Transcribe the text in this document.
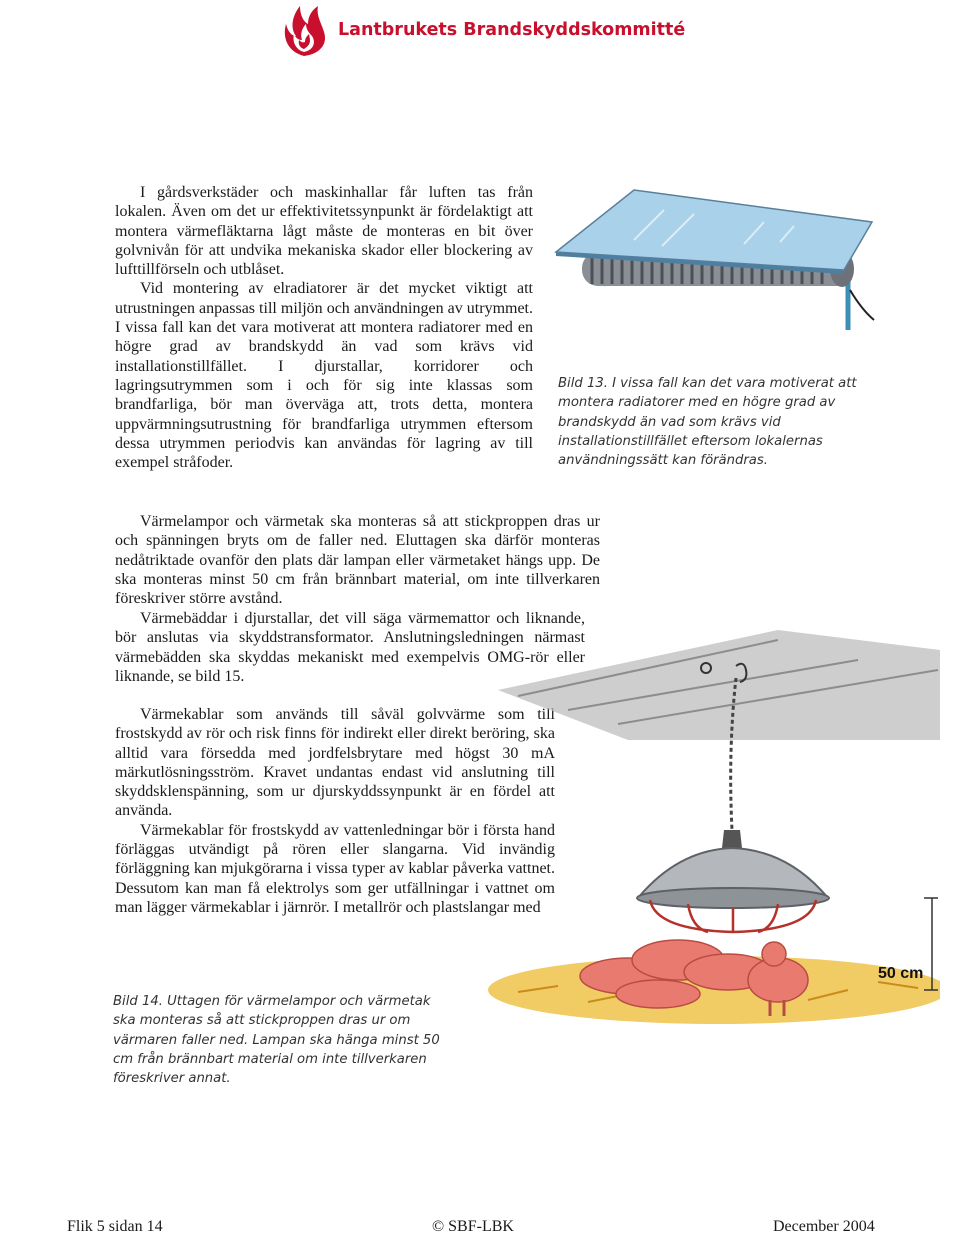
Lantbrukets Brandskyddskommitté

I gårdsverkstäder och maskinhallar får luften tas från lokalen. Även om det ur effektivitetssynpunkt är fördelaktigt att montera värmefläktarna lågt måste de monteras en bit över golvnivån för att undvika mekaniska skador eller blockering av lufttillförseln och utblåset.

Vid montering av elradiatorer är det mycket viktigt att utrustningen anpassas till miljön och användningen av utrymmet. I vissa fall kan det vara motiverat att montera radiatorer med en högre grad av brandskydd än vad som krävs vid installationstillfället. I djurstallar, korridorer och lagringsutrymmen som i och för sig inte klassas som brandfarliga, bör man överväga att, trots detta, montera uppvärmningsutrustning för brandfarliga utrymmen eftersom dessa utrymmen periodvis kan användas för lagring av till exempel stråfoder.

Värmelampor och värmetak ska monteras så att stickproppen dras ur och spänningen bryts om de faller ned. Eluttagen ska därför monteras nedåtriktade ovanför den plats där lampan eller värmetaket hängs upp. De ska monteras minst 50 cm från brännbart material, om inte tillverkaren föreskriver större avstånd.

Värmebäddar i djurstallar, det vill säga värmemattor och liknande, bör anslutas via skyddstransformator. Anslutningsledningen närmast värmebädden ska skyddas mekaniskt med exempelvis OMG-rör eller liknande, se bild 15.

Värmekablar som används till såväl golvvärme som till frostskydd av rör och risk finns för indirekt eller direkt beröring, ska alltid vara försedda med jordfelsbrytare med högst 30 mA märkutlösningsström. Kravet undantas endast vid anslutning till skyddsklenspänning, som ur djurskyddssynpunkt är en fördel att använda.

Värmekablar för frostskydd av vattenledningar bör i första hand förläggas utvändigt på rören eller slangarna. Vid invändig förläggning kan mjukgörarna i vissa typer av kablar påverka vattnet. Dessutom kan man få elektrolys som ger utfällningar i vattnet om man lägger värmekablar i järnrör. I metallrör och plastslangar med

Bild 13. I vissa fall kan det vara motiverat att montera radiatorer med en högre grad av brandskydd än vad som krävs vid installationstillfället eftersom lokalernas användningssätt kan förändras.

50 cm

Bild 14. Uttagen för värmelampor och värmetak ska monteras så att stickproppen dras ur om värmaren faller ned. Lampan ska hänga minst 50 cm från brännbart material om inte tillverkaren föreskriver annat.

Flik 5 sidan 14	© SBF-LBK	December 2004
